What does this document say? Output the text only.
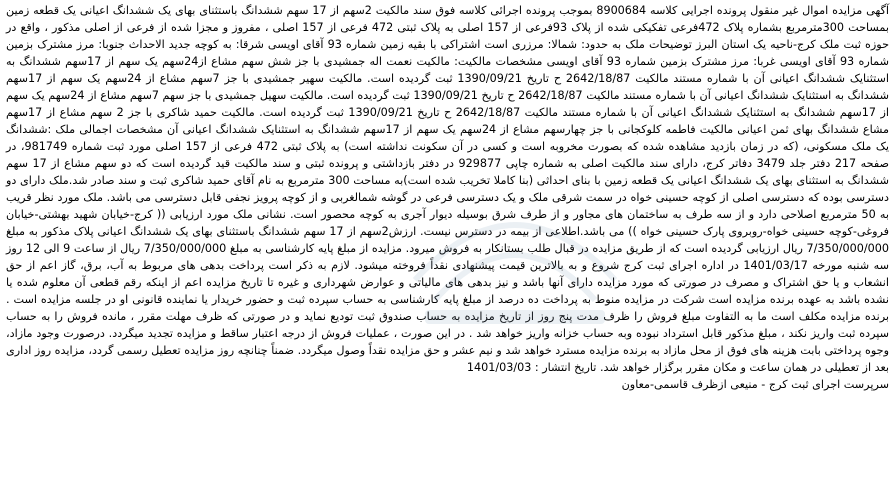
آگهی مزایده اموال غیر منقول پرونده اجرایی کلاسه 8900684 بموجب پرونده اجرائی کلاسه فوق سند مالکیت 2سهم از 17 سهم ششدانگ باستثنای بهای یک ششدانگ اعیانی یک قطعه زمین بمساحت 300مترمربع بشماره پلاک 472فرعی تفکیکی شده از پلاک 93فرعی از 157 اصلی به پلاک ثبتی 472 فرعی از 157 اصلی ، مفروز و مجزا شده از فرعی از اصلی مذکور ، واقع در حوزه ثبت ملک کرج-ناحیه یک استان البرز توضیحات ملک به حدود: شمالا: مرزری است اشتراکی با بقیه زمین شماره 93 آقای اویسی شرقا: به کوچه جدید الاحداث جنوبا: مرز مشترک بزمین شماره 93 آقای اویسی غربا: مرز مشترک بزمین شماره 93 آقای اویسی مشخصات مالکیت: مالکیت نعمت اله جمشیدی با جز شش سهم مشاع از24سهم یک سهم از 17سهم ششدانگ به استثنایک ششدانگ اعیانی آن با شماره مستند مالکیت 2642/18/87 ح تاریخ 1390/09/21 ثبت گردیده است. مالکیت سهیر جمشیدی با جز 7سهم مشاع از 24سهم یک سهم از 17سهم ششدانگ به استثنایک ششدانگ اعیانی آن با شماره مستند مالکیت 2642/18/87 ح تاریخ 1390/09/21 ثبت گردیده است. مالکیت سهیل جمشیدی با جز سهم 7سهم مشاع از 24سهم یک سهم از 17سهم ششدانگ به استثنایک ششدانگ اعیانی آن با شماره مستند مالکیت 2642/18/87 ح تاریخ 1390/09/21 ثبت گردیده است. مالکیت حمید شاکری با جز 2 سهم مشاع از 17سهم مشاع ششدانگ بهای ثمن اعیانی مالکیت فاطمه کلوکجانی با جز چهارسهم مشاع از 24سهم یک سهم از 17سهم ششدانگ به استثنایک ششدانگ اعیانی آن مشخصات اجمالی ملک :ششدانگ یک ملک مسکونی، (که در زمان بازدید مشاهده شده که بصورت مخروبه است و کسی در آن سکونت نداشته است) به پلاک ثبتی 472 فرعی از 157 اصلی مورد ثبت شماره 981749، در صفحه 217 دفتر جلد 3479 دفاتر کرج، دارای سند مالکیت اصلی به شماره چاپی 929877 در دفتر بازداشتی و پرونده ثبتی و سند مالکیت قید گردیده است که دو سهم مشاع از 17 سهم ششدانگ به استثنای بهای یک ششدانگ اعیانی یک قطعه زمین با بنای احداثی (بنا کاملا تخریب شده است)به مساحت 300 مترمربع به نام آقای حمید شاکری ثبت و سند صادر شد.ملک دارای دو دسترسی بوده که دسترسی اصلی از کوچه حسینی خواه در سمت شرقی ملک و یک دسترسی فرعی در گوشه شمالغربی و از کوچه پرویز نجفی قابل دسترسی می باشد. ملک مورد نظر قریب به 50 مترمربع اصلاحی دارد و از سه طرف به ساختمان های مجاور و از طرف شرق بوسیله دیوار آجری به کوچه محصور است. نشانی ملک مورد ارزیابی (( کرج-خیابان شهید بهشتی-خیابان فروغی-کوچه حسینی خواه-روبروی پارک حسینی خواه )) می باشد.اطلاعی از بیمه در دسترس نیست. ارزش2سهم از 17 سهم ششدانگ باستثنای بهای یک ششدانگ اعیانی پلاک مذکور به مبلغ 7/350/000/000 ریال ارزیابی گردیده است که از طریق مزایده در قبال طلب بستانکار به فروش میرود. مزایده از مبلغ پایه کارشناسی به مبلغ 7/350/000/000 ریال از ساعت 9 الی 12 روز سه شنبه مورخه 1401/03/17 در اداره اجرای ثبت کرج شروع و به بالاترین قیمت پیشنهادی نقداً فروخته میشود. لازم به ذکر است پرداخت بدهی های مربوط به آب، برق، گاز اعم از حق انشعاب و یا حق اشتراک و مصرف در صورتی که مورد مزایده دارای آنها باشد و نیز بدهی های مالیاتی و عوارض شهرداری و غیره تا تاریخ مزایده اعم از اینکه رقم قطعی آن معلوم شده یا نشده باشد به عهده برنده مزایده است شرکت در مزایده منوط به پرداخت ده درصد از مبلغ پایه کارشناسی به حساب سپرده ثبت و حضور خریدار یا نماینده قانونی او در جلسه مزایده است . برنده مزایده مکلف است ما به التفاوت مبلغ فروش را ظرف مدت پنج روز از تاریخ مزایده به حساب صندوق ثبت تودیع نماید و در صورتی که ظرف مهلت مقرر ، مانده فروش را به حساب سپرده ثبت واریز نکند ، مبلغ مذکور قابل استرداد نبوده وبه حساب خزانه واریز خواهد شد . در این صورت ، عملیات فروش از درجه اعتبار ساقط و مزایده تجدید میگردد. درصورت وجود مازاد، وجوه پرداختی بابت هزینه های فوق از محل مازاد به برنده مزایده مسترد خواهد شد و نیم عشر و حق مزایده نقداً وصول میگردد. ضمناً چنانچه روز مزایده تعطیل رسمی گردد، مزایده روز اداری بعد از تعطیلی در همان ساعت و مکان مقرر برگزار خواهد شد. تاریخ انتشار : 1401/03/03

سرپرست اجرای ثبت کرج - منیعی ازظرف قاسمی-معاون
